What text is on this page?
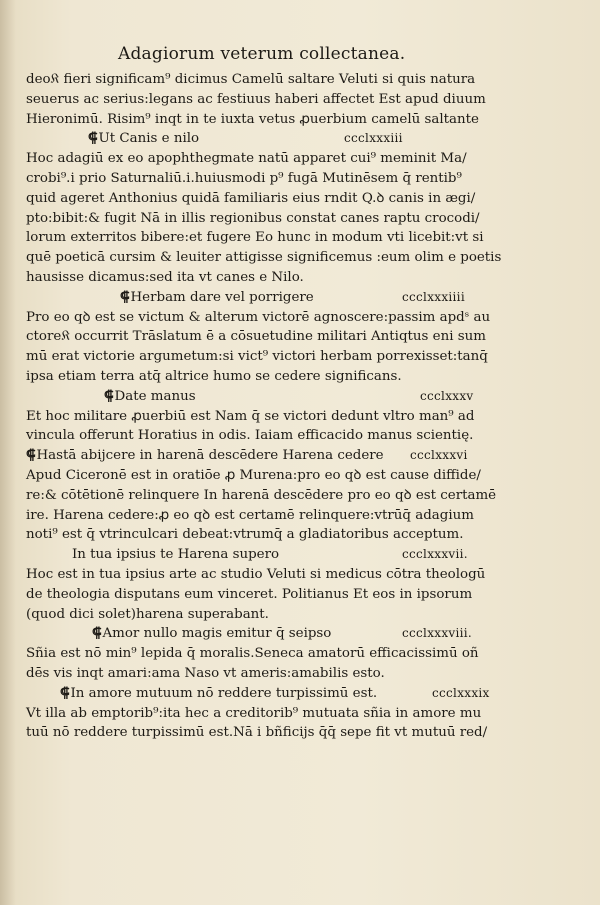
Adagiorum veterum collectanea.
deo𝔎 fieri significam⁹ dicimus Camelū saltare Veluti si quis natura
seuerus ac serius:legans ac festiuus haberi affectet Est apud diuum
Hieronimū. Risim⁹ inqt in te iuxta vetus ꝓuerbium camelū saltante
⸿Ut Canis e nilo	ccclxxxiii
Hoc adagiū ex eo apophthegmate natū apparet cui⁹ meminit Ma/
crobi⁹.i prio Saturnaliū.i.huiusmodi p⁹ fugā Mutinēsem q̄ rentib⁹
quid ageret Anthonius quidā familiaris eius rndit Q.ꝺ canis in ægi/
pto:bibit:& fugit Nā in illis regionibus constat canes raptu crocodi/
lorum exterritos bibere:et fugere Eo hunc in modum vti licebit:vt si
quē poeticā cursim & leuiter attigisse significemus :eum olim e poetis
hausisse dicamus:sed ita vt canes e Nilo.
⸿Herbam dare vel porrigere	ccclxxxiiii
Pro eo qꝺ est se victum & alterum victorē agnoscere:passim apdˢ au
ctore𝔎 occurrit Trāslatum ē a cōsuetudine militari Antiqtus eni sum
mū erat victorie argumetum:si vict⁹ victori herbam porrexisset:tanq̄
ipsa etiam terra atq̄ altrice humo se cedere significans.
⸿Date manus	ccclxxxv
Et hoc militare ꝓuerbiū est Nam q̄ se victori dedunt vltro man⁹ ad
vincula offerunt Horatius in odis. Iaiam efficacido manus scientię.
⸿Hastā abijcere in harenā descēdere Harena cedere ccclxxxvi
Apud Ciceronē est in oratiōe ꝓ Murena:pro eo qꝺ est cause diffide/
re:& cōtētionē relinquere In harenā descēdere pro eo qꝺ est certamē
ire. Harena cedere:ꝓ eo qꝺ est certamē relinquere:vtrūq̄ adagium
noti⁹ est q̄ vtrinculcari debeat:vtrumq̄ a gladiatoribus acceptum.
In tua ipsius te Harena supero	ccclxxxvii.
Hoc est in tua ipsius arte ac studio Veluti si medicus cōtra theologū
de theologia disputans eum vinceret. Politianus Et eos in ipsorum
(quod dici solet)harena superabant.
⸿Amor nullo magis emitur q̄ seipso	ccclxxxviii.
Sñia est nō min⁹ lepida q̄ moralis.Seneca amatorū efficacissimū oñ
dēs vis inqt amari:ama Naso vt ameris:amabilis esto.
⸿In amore mutuum nō reddere turpissimū est.	ccclxxxix
Vt illa ab emptorib⁹:ita hec a creditorib⁹ mutuata sñia in amore mu
tuū nō reddere turpissimū est.Nā i bñficijs q̄q̄ sepe fit vt mutuū red/
